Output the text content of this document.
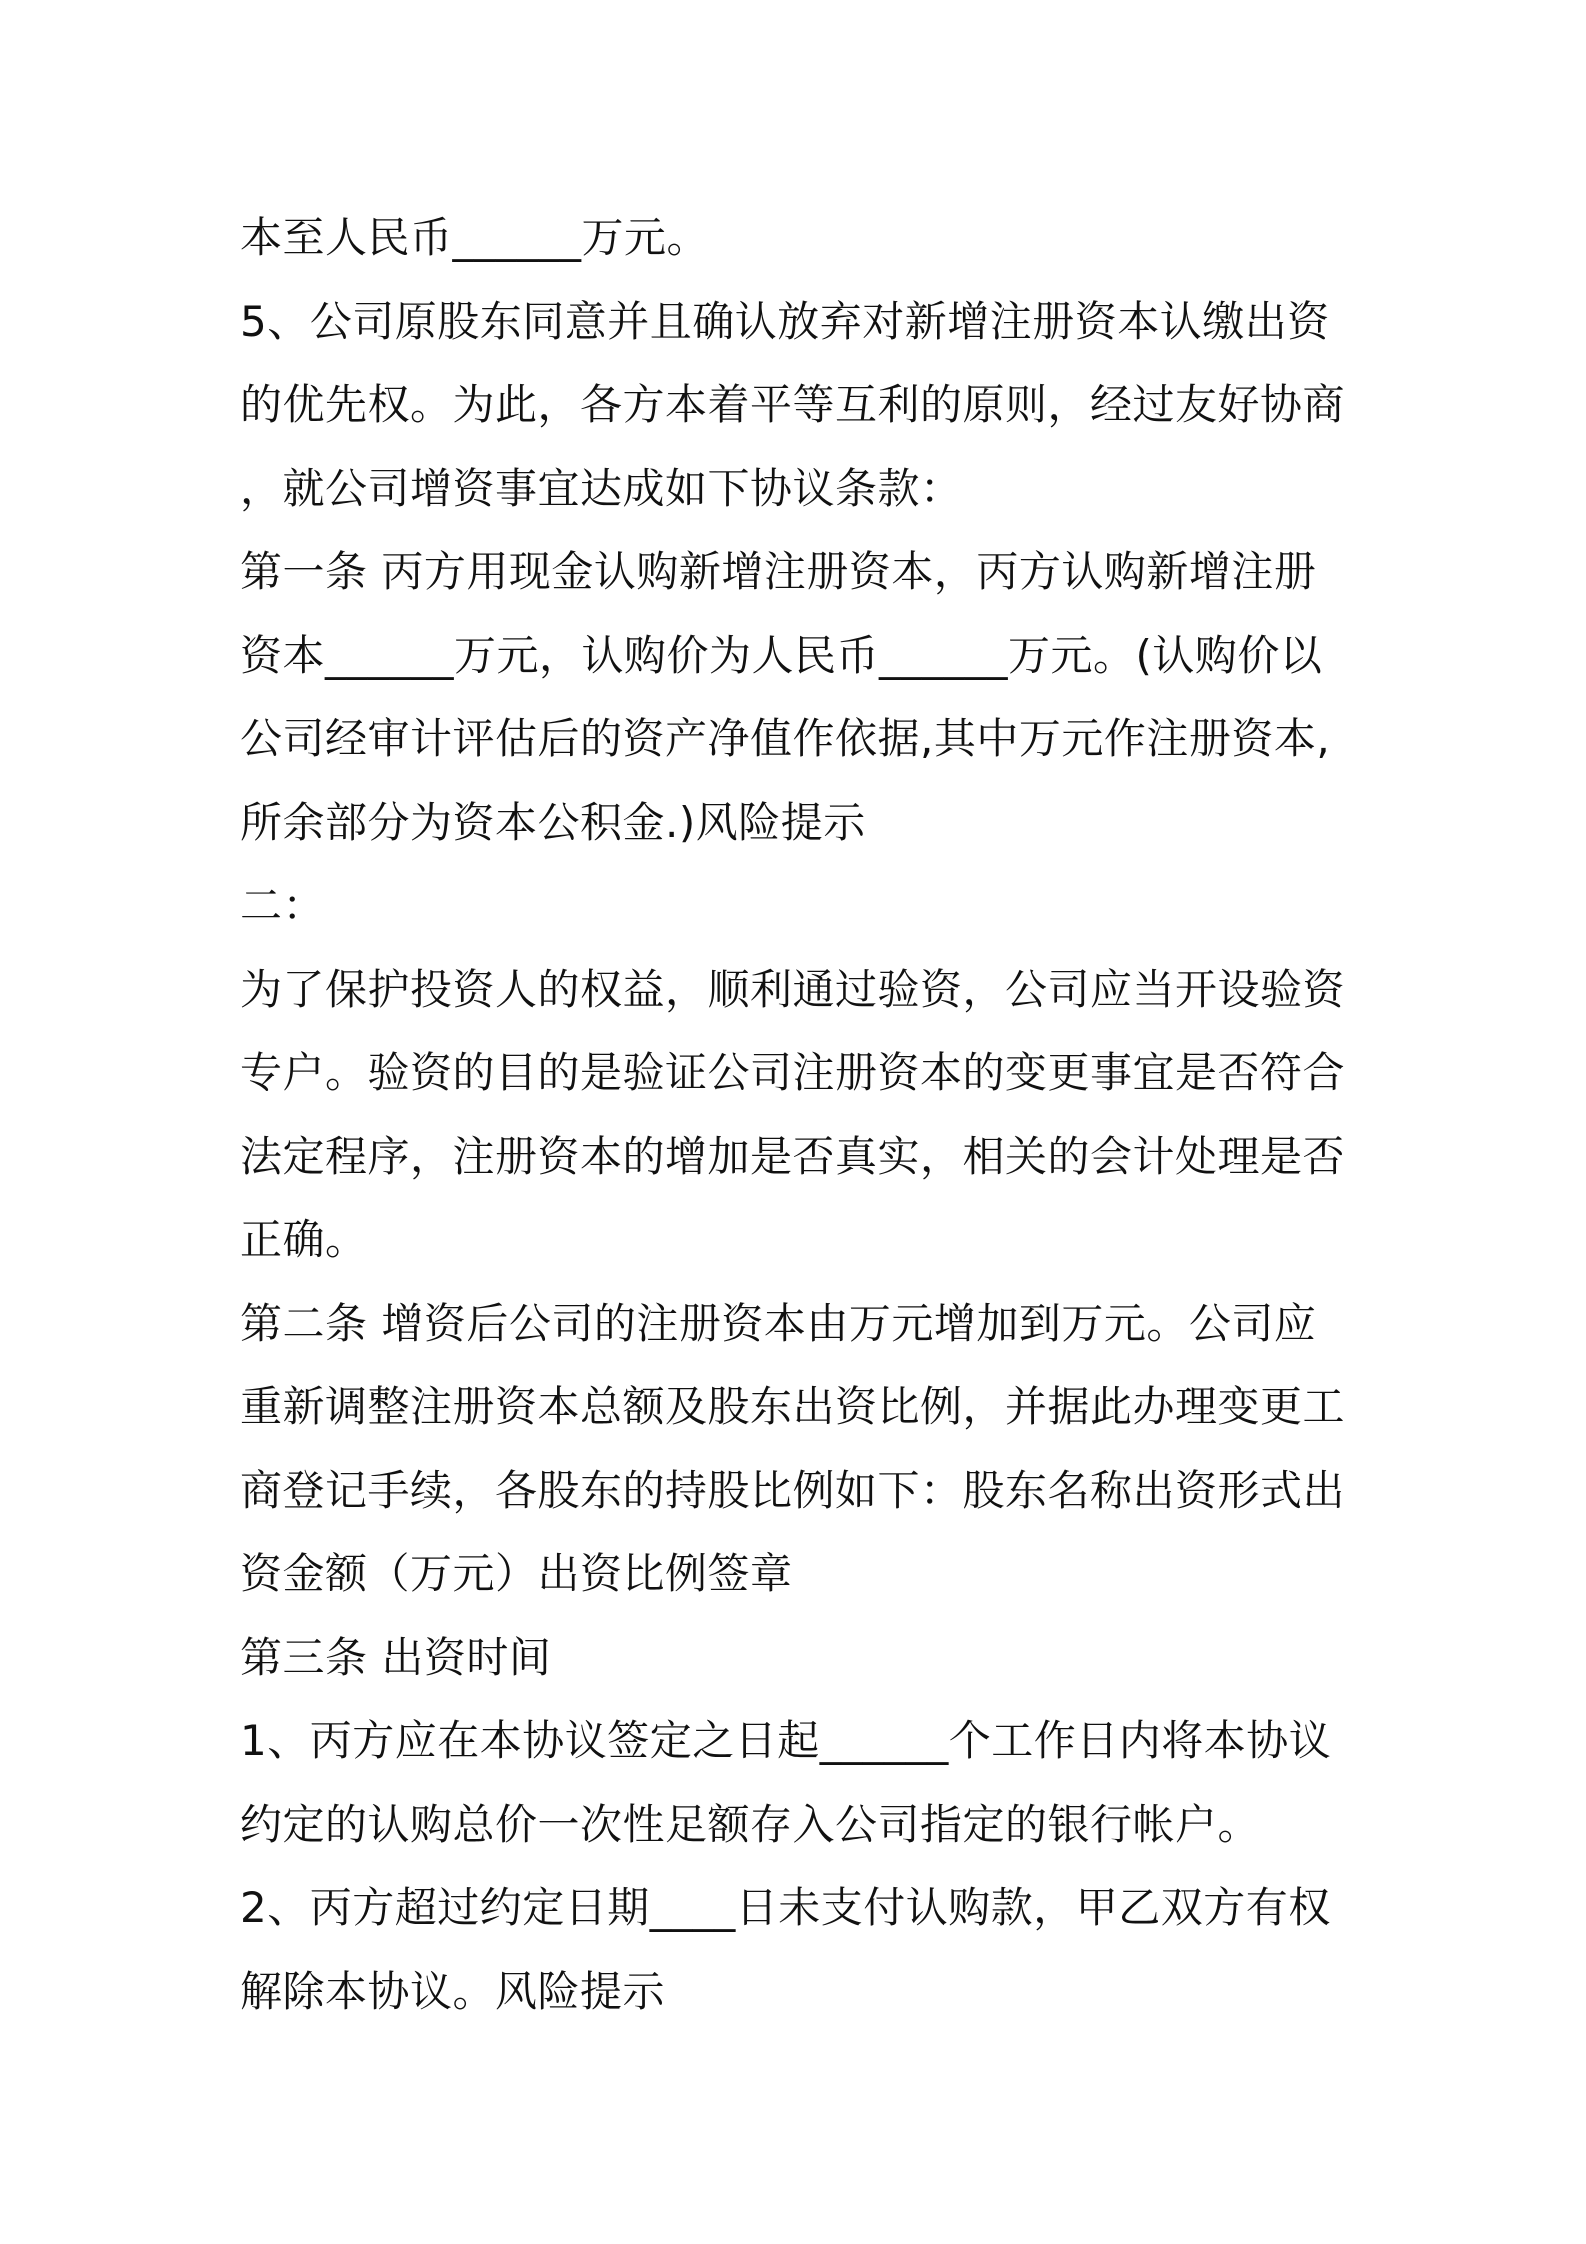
本至人民币______万元。
5、公司原股东同意并且确认放弃对新增注册资本认缴出资
的优先权。为此，各方本着平等互利的原则，经过友好协商
，就公司增资事宜达成如下协议条款：
第一条 丙方用现金认购新增注册资本，丙方认购新增注册
资本______万元，认购价为人民币______万元。(认购价以
公司经审计评估后的资产净值作依据,其中万元作注册资本,
所余部分为资本公积金.)风险提示
二：
为了保护投资人的权益，顺利通过验资，公司应当开设验资
专户。验资的目的是验证公司注册资本的变更事宜是否符合
法定程序，注册资本的增加是否真实，相关的会计处理是否
正确。
第二条 增资后公司的注册资本由万元增加到万元。公司应
重新调整注册资本总额及股东出资比例，并据此办理变更工
商登记手续，各股东的持股比例如下：股东名称出资形式出
资金额（万元）出资比例签章
第三条 出资时间
1、丙方应在本协议签定之日起______个工作日内将本协议
约定的认购总价一次性足额存入公司指定的银行帐户。
2、丙方超过约定日期____日未支付认购款，甲乙双方有权
解除本协议。风险提示
